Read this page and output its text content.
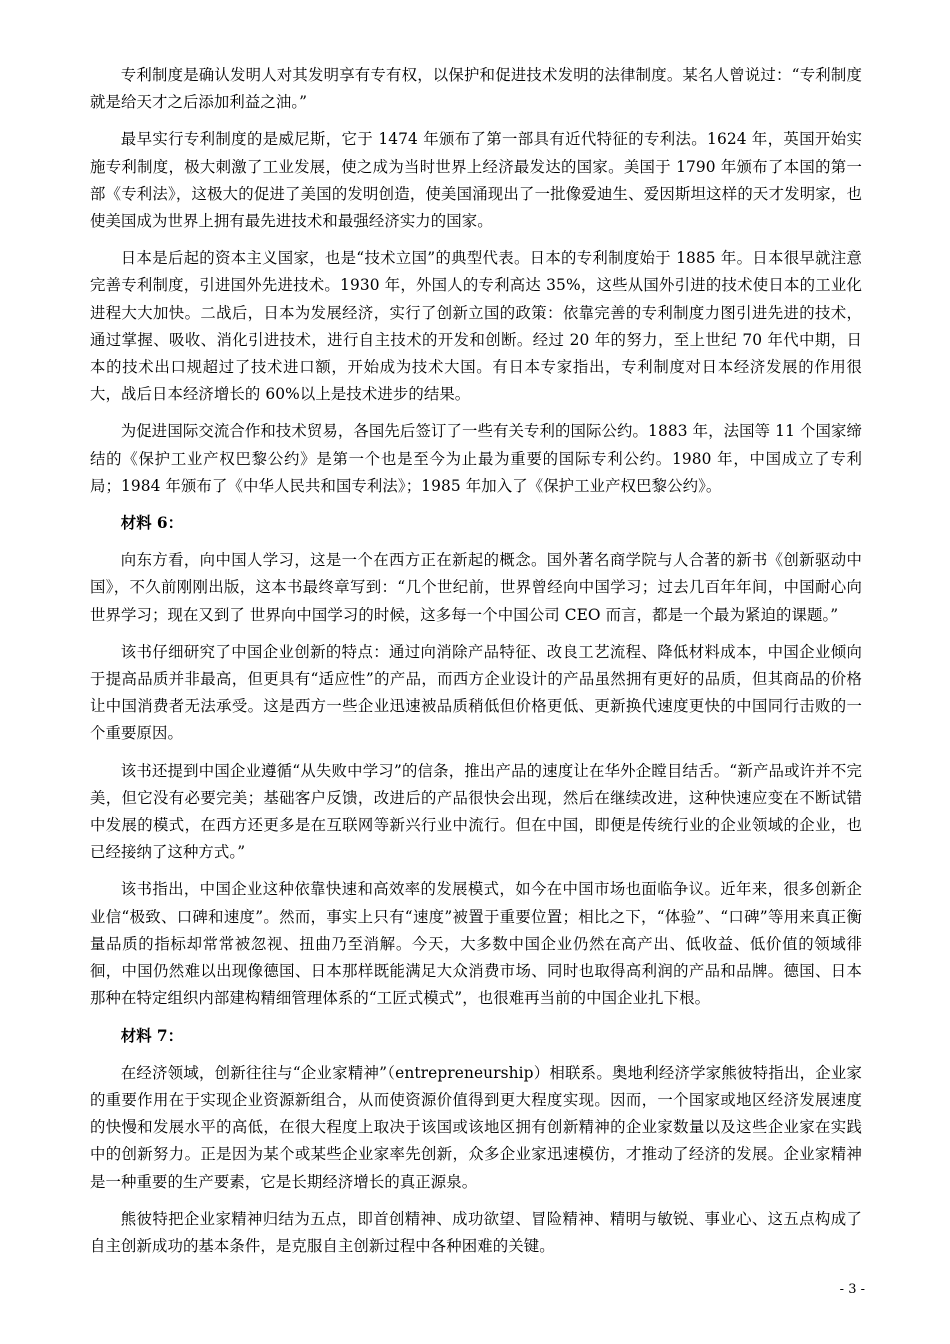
专利制度是确认发明人对其发明享有专有权，以保护和促进技术发明的法律制度。某名人曾说过：“专利制度就是给天才之后添加利益之油。”

最早实行专利制度的是威尼斯，它于 1474 年颁布了第一部具有近代特征的专利法。1624 年，英国开始实施专利制度，极大刺激了工业发展，使之成为当时世界上经济最发达的国家。美国于 1790 年颁布了本国的第一部《专利法》，这极大的促进了美国的发明创造，使美国涌现出了一批像爱迪生、爱因斯坦这样的天才发明家，也使美国成为世界上拥有最先进技术和最强经济实力的国家。

日本是后起的资本主义国家，也是“技术立国”的典型代表。日本的专利制度始于 1885 年。日本很早就注意完善专利制度，引进国外先进技术。1930 年，外国人的专利高达 35%，这些从国外引进的技术使日本的工业化进程大大加快。二战后，日本为发展经济，实行了创新立国的政策：依靠完善的专利制度力图引进先进的技术，通过掌握、吸收、消化引进技术，进行自主技术的开发和创断。经过 20 年的努力，至上世纪 70 年代中期，日本的技术出口规超过了技术进口额，开始成为技术大国。有日本专家指出，专利制度对日本经济发展的作用很大，战后日本经济增长的 60%以上是技术进步的结果。

为促进国际交流合作和技术贸易，各国先后签订了一些有关专利的国际公约。1883 年，法国等 11 个国家缔结的《保护工业产权巴黎公约》是第一个也是至今为止最为重要的国际专利公约。1980 年，中国成立了专利局；1984 年颁布了《中华人民共和国专利法》；1985 年加入了《保护工业产权巴黎公约》。

材料 6：

向东方看，向中国人学习，这是一个在西方正在新起的概念。国外著名商学院与人合著的新书《创新驱动中国》，不久前刚刚出版，这本书最终章写到：“几个世纪前，世界曾经向中国学习；过去几百年年间，中国耐心向世界学习；现在又到了 世界向中国学习的时候，这多每一个中国公司 CEO 而言，都是一个最为紧迫的课题。”

该书仔细研究了中国企业创新的特点：通过向消除产品特征、改良工艺流程、降低材料成本，中国企业倾向于提高品质并非最高，但更具有“适应性”的产品，而西方企业设计的产品虽然拥有更好的品质，但其商品的价格让中国消费者无法承受。这是西方一些企业迅速被品质稍低但价格更低、更新换代速度更快的中国同行击败的一个重要原因。

该书还提到中国企业遵循“从失败中学习”的信条，推出产品的速度让在华外企瞠目结舌。“新产品或许并不完美，但它没有必要完美；基础客户反馈，改进后的产品很快会出现，然后在继续改进，这种快速应变在不断试错中发展的模式，在西方还更多是在互联网等新兴行业中流行。但在中国，即便是传统行业的企业领域的企业，也已经接纳了这种方式。”

该书指出，中国企业这种依靠快速和高效率的发展模式，如今在中国市场也面临争议。近年来，很多创新企业信“极致、口碑和速度”。然而，事实上只有“速度”被置于重要位置；相比之下，“体验”、“口碑”等用来真正衡量品质的指标却常常被忽视、扭曲乃至消解。今天，大多数中国企业仍然在高产出、低收益、低价值的领域徘徊，中国仍然难以出现像德国、日本那样既能满足大众消费市场、同时也取得高利润的产品和品牌。德国、日本那种在特定组织内部建构精细管理体系的“工匠式模式”，也很难再当前的中国企业扎下根。

材料 7：

在经济领域，创新往往与“企业家精神”（entrepreneurship）相联系。奥地利经济学家熊彼特指出，企业家的重要作用在于实现企业资源新组合，从而使资源价值得到更大程度实现。因而，一个国家或地区经济发展速度的快慢和发展水平的高低，在很大程度上取决于该国或该地区拥有创新精神的企业家数量以及这些企业家在实践中的创新努力。正是因为某个或某些企业家率先创新，众多企业家迅速模仿，才推动了经济的发展。企业家精神是一种重要的生产要素，它是长期经济增长的真正源泉。

熊彼特把企业家精神归结为五点，即首创精神、成功欲望、冒险精神、精明与敏锐、事业心、这五点构成了自主创新成功的基本条件，是克服自主创新过程中各种困难的关键。

- 3 -
